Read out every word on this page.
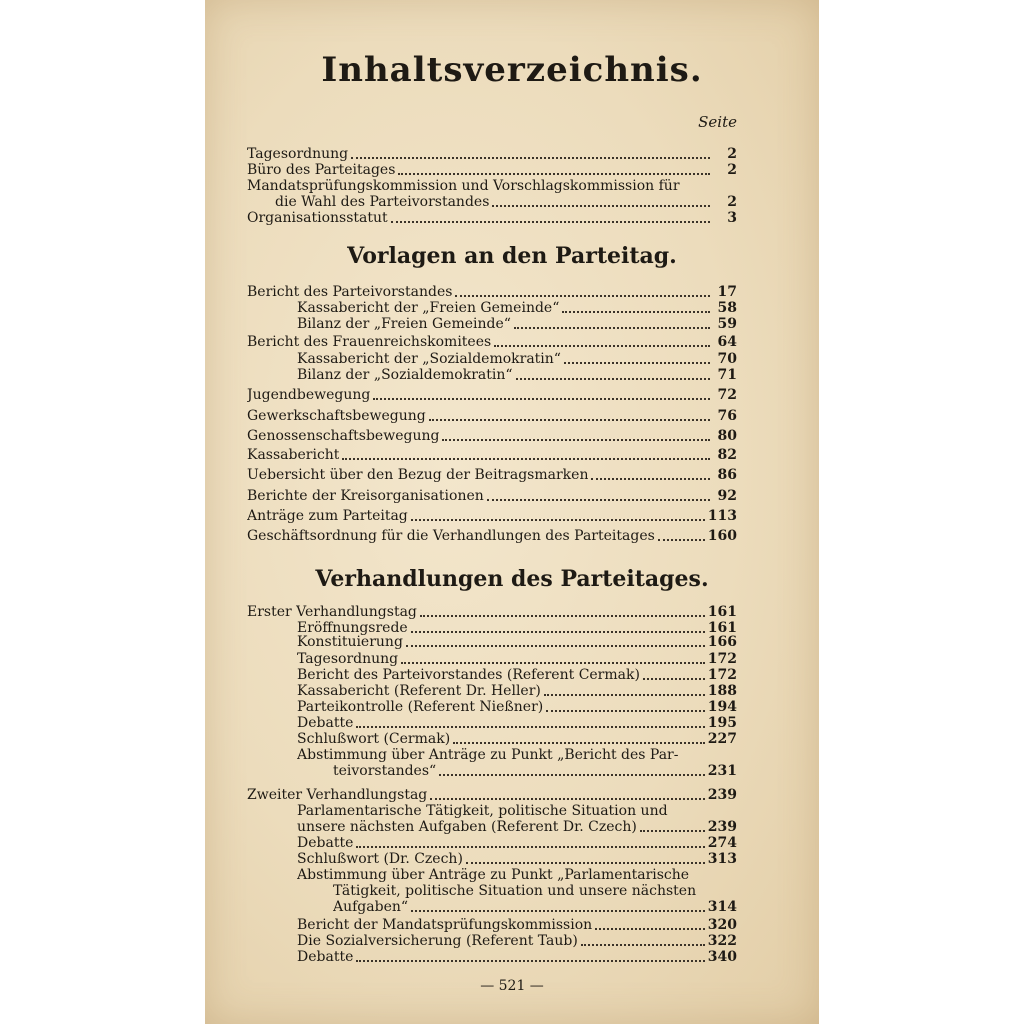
Inhaltsverzeichnis.
Seite
Vorlagen an den Parteitag.
Verhandlungen des Parteitages.
Tagesordnung	2
Büro des Parteitages	2
Mandatsprüfungskommission und Vorschlagskommission für
die Wahl des Parteivorstandes	2
Organisationsstatut	3
Bericht des Parteivorstandes	17
Kassabericht der „Freien Gemeinde“	58
Bilanz der „Freien Gemeinde“	59
Bericht des Frauenreichskomitees	64
Kassabericht der „Sozialdemokratin“	70
Bilanz der „Sozialdemokratin“	71
Jugendbewegung	72
Gewerkschaftsbewegung	76
Genossenschaftsbewegung	80
Kassabericht	82
Uebersicht über den Bezug der Beitragsmarken	86
Berichte der Kreisorganisationen	92
Anträge zum Parteitag	113
Geschäftsordnung für die Verhandlungen des Parteitages	160
Erster Verhandlungstag	161
Eröffnungsrede	161
Konstituierung	166
Tagesordnung	172
Bericht des Parteivorstandes (Referent Cermak)	172
Kassabericht (Referent Dr. Heller)	188
Parteikontrolle (Referent Nießner)	194
Debatte	195
Schlußwort (Cermak)	227
Abstimmung über Anträge zu Punkt „Bericht des Par-
teivorstandes“	231
Zweiter Verhandlungstag	239
Parlamentarische Tätigkeit, politische Situation und
unsere nächsten Aufgaben (Referent Dr. Czech)	239
Debatte	274
Schlußwort (Dr. Czech)	313
Abstimmung über Anträge zu Punkt „Parlamentarische
Tätigkeit, politische Situation und unsere nächsten
Aufgaben“	314
Bericht der Mandatsprüfungskommission	320
Die Sozialversicherung (Referent Taub)	322
Debatte	340
— 521 —
